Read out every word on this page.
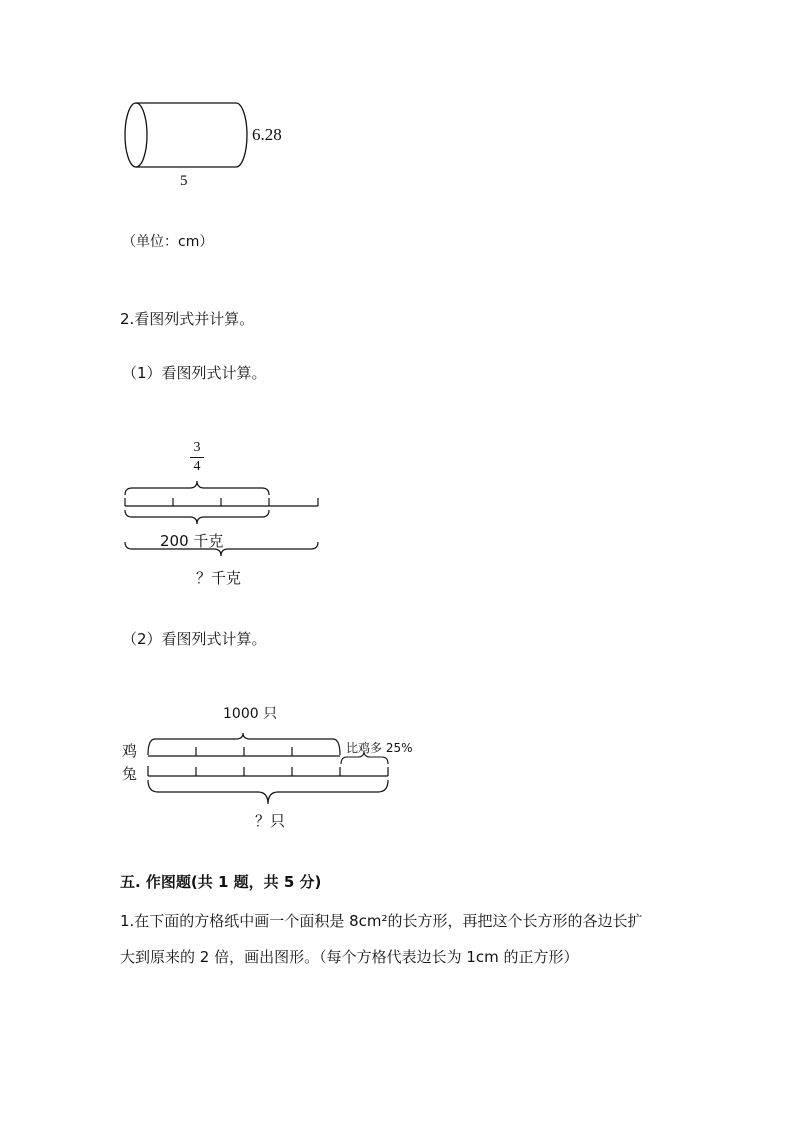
6.28
5
（单位：cm）
2.看图列式并计算。
（1）看图列式计算。
3
4
200 千克
？千克
（2）看图列式计算。
1000 只
鸡
兔
比鸡多 25%
？只
五. 作图题(共 1 题，共 5 分)
1.在下面的方格纸中画一个面积是 8cm²的长方形，再把这个长方形的各边长扩
大到原来的 2 倍，画出图形。（每个方格代表边长为 1cm 的正方形）
